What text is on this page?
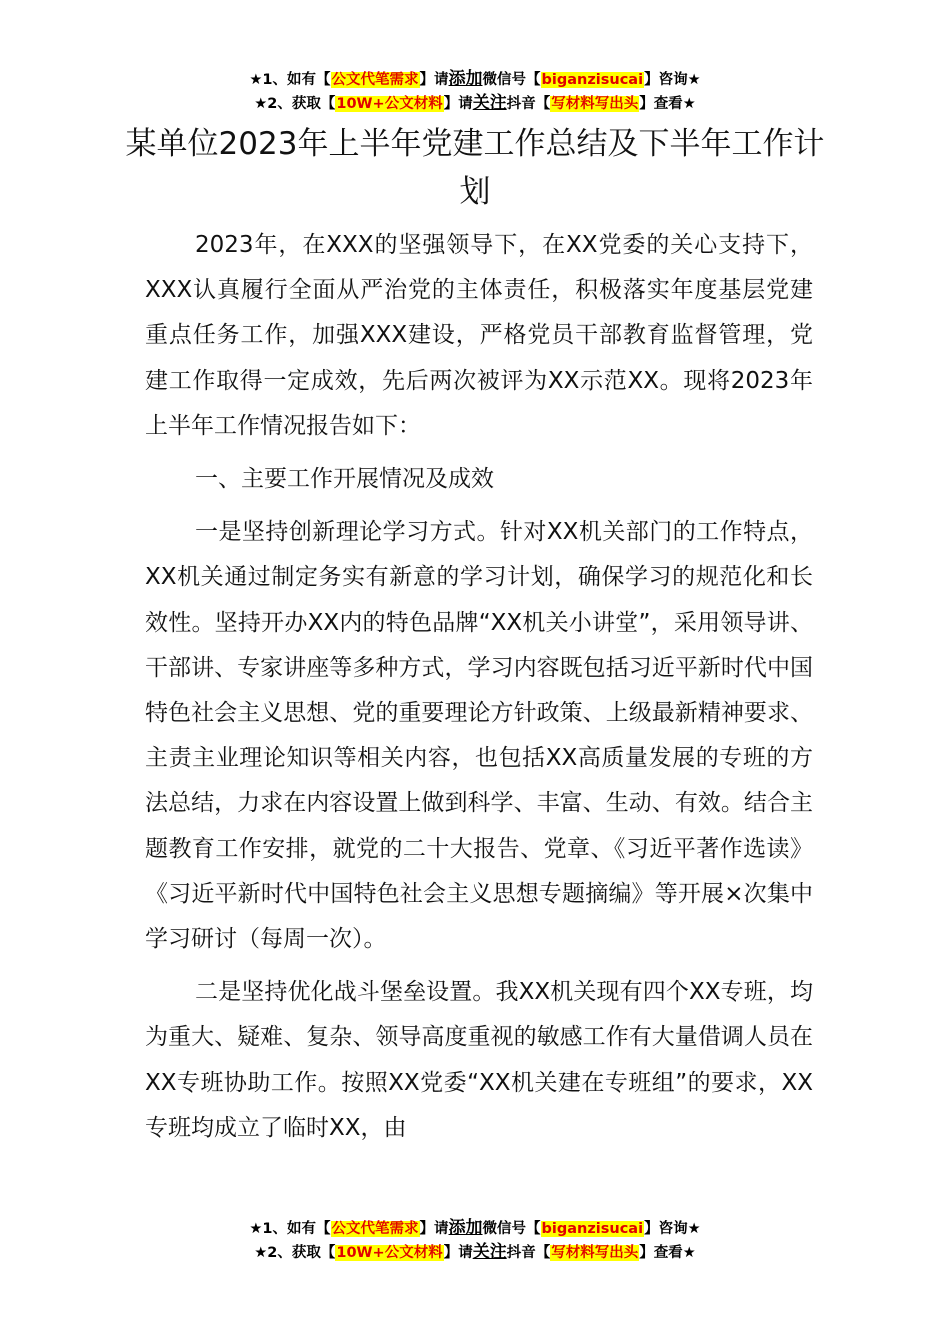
★1、如有【公文代笔需求】请添加微信号【biganzisucai】咨询★
★2、获取【10W+公文材料】请关注抖音【写材料写出头】查看★
某单位2023年上半年党建工作总结及下半年工作计划

2023年，在XXX的坚强领导下，在XX党委的关心支持下，XXX认真履行全面从严治党的主体责任，积极落实年度基层党建重点任务工作，加强XXX建设，严格党员干部教育监督管理，党建工作取得一定成效，先后两次被评为XX示范XX。现将2023年上半年工作情况报告如下：

一、主要工作开展情况及成效

一是坚持创新理论学习方式。针对XX机关部门的工作特点，XX机关通过制定务实有新意的学习计划，确保学习的规范化和长效性。坚持开办XX内的特色品牌“XX机关小讲堂”，采用领导讲、干部讲、专家讲座等多种方式，学习内容既包括习近平新时代中国特色社会主义思想、党的重要理论方针政策、上级最新精神要求、主责主业理论知识等相关内容，也包括XX高质量发展的专班的方法总结，力求在内容设置上做到科学、丰富、生动、有效。结合主题教育工作安排，就党的二十大报告、党章、《习近平著作选读》《习近平新时代中国特色社会主义思想专题摘编》等开展×次集中学习研讨（每周一次）。

二是坚持优化战斗堡垒设置。我XX机关现有四个XX专班，均为重大、疑难、复杂、领导高度重视的敏感工作有大量借调人员在XX专班协助工作。按照XX党委“XX机关建在专班组”的要求，XX专班均成立了临时XX，由

★1、如有【公文代笔需求】请添加微信号【biganzisucai】咨询★
★2、获取【10W+公文材料】请关注抖音【写材料写出头】查看★
